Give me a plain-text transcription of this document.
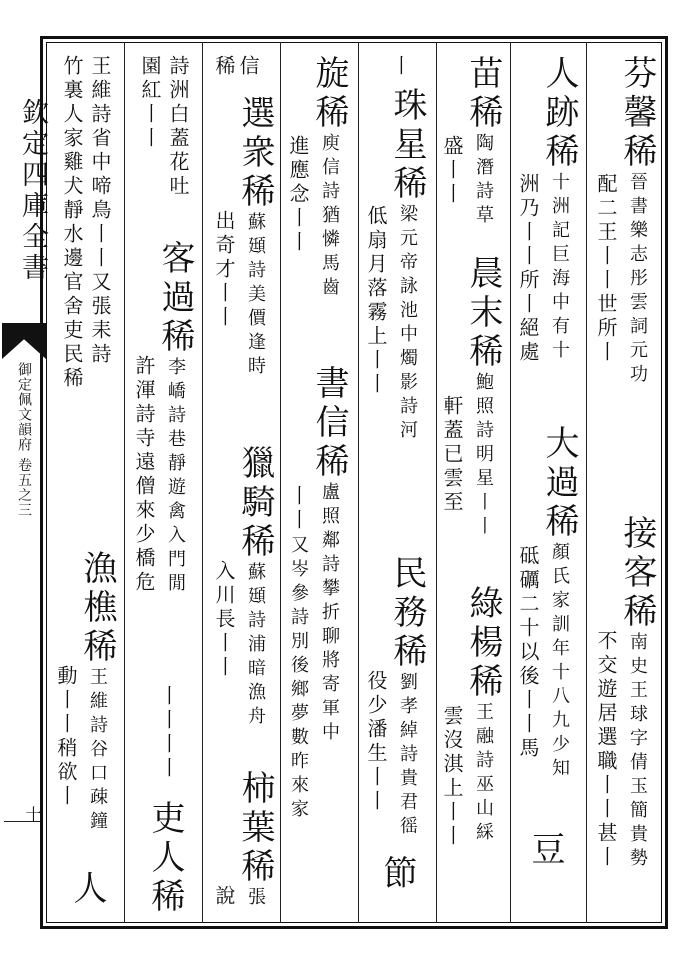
欽定四庫全書
御定佩文韻府 卷五之三
十
芬馨稀晉書樂志彤雲詞元功
配二王丨丨世所丨
接客稀南史王球字倩玉簡貴勢
不交遊居選職丨丨甚丨
人跡稀十洲記巨海中有十
洲乃丨丨所丨絕處
大過稀顏氏家訓年十八九少知
砥礪二十以後丨丨馬
豆
苗稀陶潛詩草
盛丨丨
晨末稀鮑照詩明星丨丨
軒蓋已雲至
綠楊稀王融詩巫山綵
雲沒淇上丨丨
丨
珠星稀梁元帝詠池中燭影詩河
低扇月落霧上丨丨
民務稀劉孝綽詩貴君徭
役少潘生丨丨
節
旋稀庾信詩猶憐馬齒
進應念丨丨
書信稀盧照鄰詩攀折聊將寄軍中
丨丨
又岑參詩別後鄉夢數昨來家
稀 信
選衆稀蘇頲詩美價逢時
出奇才丨丨
獵騎稀蘇頲詩浦暗漁舟
入川長丨丨
柿葉稀張
說
詩洲白蓋花吐
園紅丨丨
客過稀李嶠詩巷靜遊禽入門閒
許渾詩寺遠僧來少橋危
丨丨丨丨
吏人稀
王維詩省中啼鳥丨丨又張耒詩
竹裏人家雞犬靜水邊官舍吏民稀
漁樵稀王維詩谷口疎鐘
動丨丨稍欲丨
人
